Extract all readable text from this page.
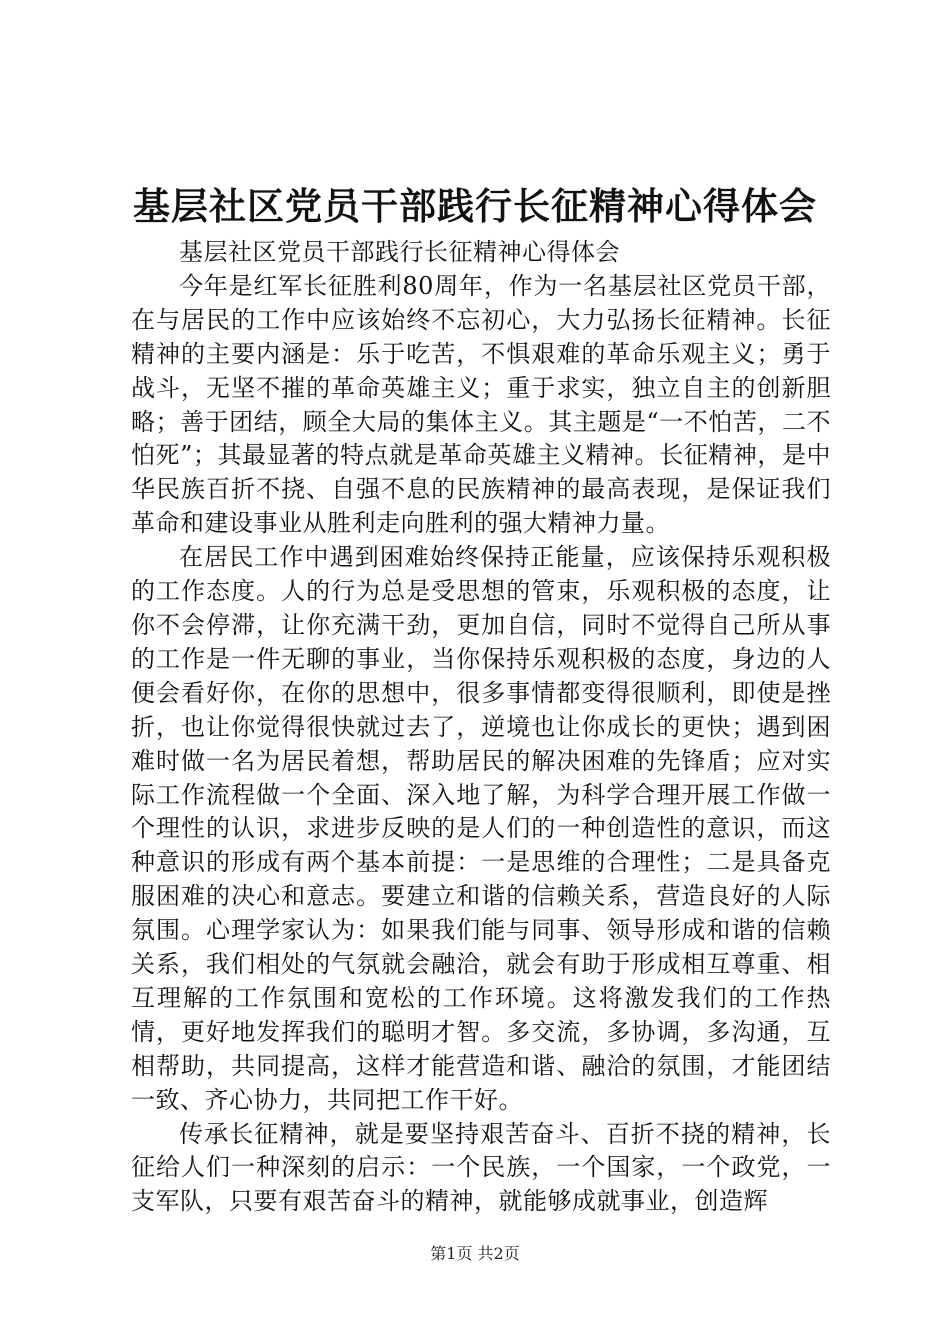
基层社区党员干部践行长征精神心得体会

基层社区党员干部践行长征精神心得体会

今年是红军长征胜利80周年，作为一名基层社区党员干部，在与居民的工作中应该始终不忘初心，大力弘扬长征精神。长征精神的主要内涵是：乐于吃苦，不惧艰难的革命乐观主义；勇于战斗，无坚不摧的革命英雄主义；重于求实，独立自主的创新胆略；善于团结，顾全大局的集体主义。其主题是“一不怕苦，二不怕死”；其最显著的特点就是革命英雄主义精神。长征精神，是中华民族百折不挠、自强不息的民族精神的最高表现，是保证我们革命和建设事业从胜利走向胜利的强大精神力量。

在居民工作中遇到困难始终保持正能量，应该保持乐观积极的工作态度。人的行为总是受思想的管束，乐观积极的态度，让你不会停滞，让你充满干劲，更加自信，同时不觉得自己所从事的工作是一件无聊的事业，当你保持乐观积极的态度，身边的人便会看好你，在你的思想中，很多事情都变得很顺利，即使是挫折，也让你觉得很快就过去了，逆境也让你成长的更快；遇到困难时做一名为居民着想，帮助居民的解决困难的先锋盾；应对实际工作流程做一个全面、深入地了解，为科学合理开展工作做一个理性的认识，求进步反映的是人们的一种创造性的意识，而这种意识的形成有两个基本前提：一是思维的合理性；二是具备克服困难的决心和意志。要建立和谐的信赖关系，营造良好的人际氛围。心理学家认为：如果我们能与同事、领导形成和谐的信赖关系，我们相处的气氛就会融洽，就会有助于形成相互尊重、相互理解的工作氛围和宽松的工作环境。这将激发我们的工作热情，更好地发挥我们的聪明才智。多交流，多协调，多沟通，互相帮助，共同提高，这样才能营造和谐、融洽的氛围，才能团结一致、齐心协力，共同把工作干好。

传承长征精神，就是要坚持艰苦奋斗、百折不挠的精神，长征给人们一种深刻的启示：一个民族，一个国家，一个政党，一支军队，只要有艰苦奋斗的精神，就能够成就事业，创造辉

第1页 共2页
